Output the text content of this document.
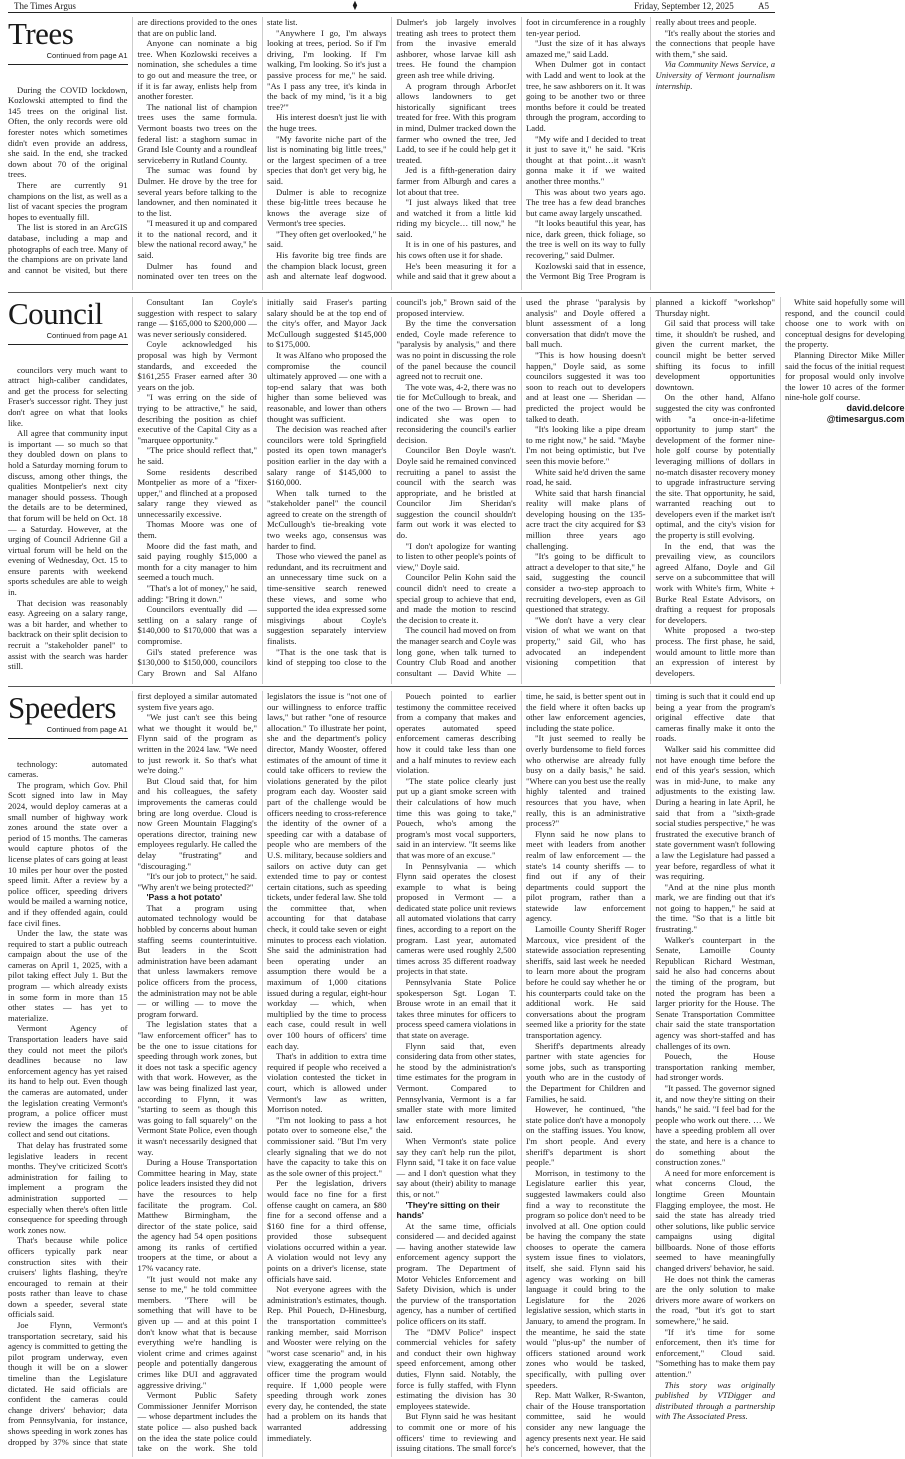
The Times Argus	⧫	Friday, September 12, 2025	A5

Trees

Continued from page A1

During the COVID lockdown, Kozlowski attempted to find the 145 trees on the original list. Often, the only records were old forester notes which sometimes didn't even provide an address, she said. In the end, she tracked down about 70 of the original trees.

There are currently 91 champions on the list, as well as a list of vacant species the program hopes to eventually fill.

The list is stored in an ArcGIS database, including a map and photographs of each tree. Many of the champions are on private land and cannot be visited, but there are directions provided to the ones that are on public land.

Anyone can nominate a big tree. When Kozlowski receives a nomination, she schedules a time to go out and measure the tree, or if it is far away, enlists help from another forester.

The national list of champion trees uses the same formula. Vermont boasts two trees on the federal list: a staghorn sumac in Grand Isle County and a roundleaf serviceberry in Rutland County.

The sumac was found by Dulmer. He drove by the tree for several years before talking to the landowner, and then nominated it to the list.

"I measured it up and compared it to the national record, and it blew the national record away," he said.

Dulmer has found and nominated over ten trees on the state list.

"Anywhere I go, I'm always looking at trees, period. So if I'm driving, I'm looking. If I'm walking, I'm looking. So it's just a passive process for me," he said. "As I pass any tree, it's kinda in the back of my mind, 'is it a big tree?'"

His interest doesn't just lie with the huge trees.

"My favorite niche part of the list is nominating big little trees," or the largest specimen of a tree species that don't get very big, he said.

Dulmer is able to recognize these big-little trees because he knows the average size of Vermont's tree species.

"They often get overlooked," he said.

His favorite big tree finds are the champion black locust, green ash and alternate leaf dogwood. Dulmer's job largely involves treating ash trees to protect them from the invasive emerald ashborer, whose larvae kill ash trees. He found the champion green ash tree while driving.

A program through ArborJet allows landowners to get historically significant trees treated for free. With this program in mind, Dulmer tracked down the farmer who owned the tree, Jed Ladd, to see if he could help get it treated.

Jed is a fifth-generation dairy farmer from Alburgh and cares a lot about that tree.

"I just always liked that tree and watched it from a little kid riding my bicycle… till now," he said.

It is in one of his pastures, and his cows often use it for shade.

He's been measuring it for a while and said that it grew about a foot in circumference in a roughly ten-year period.

"Just the size of it has always amazed me," said Ladd.

When Dulmer got in contact with Ladd and went to look at the tree, he saw ashborers on it. It was going to be another two or three months before it could be treated through the program, according to Ladd.

"My wife and I decided to treat it just to save it," he said. "Kris thought at that point…it wasn't gonna make it if we waited another three months."

This was about two years ago. The tree has a few dead branches but came away largely unscathed.

"It looks beautiful this year, has nice, dark green, thick foliage, so the tree is well on its way to fully recovering," said Dulmer.

Kozlowski said that in essence, the Vermont Big Tree Program is really about trees and people.

"It's really about the stories and the connections that people have with them," she said.

Via Community News Service, a University of Vermont journalism internship.

Council

Continued from page A1

councilors very much want to attract high-caliber candidates, and get the process for selecting Fraser's successor right. They just don't agree on what that looks like.

All agree that community input is important — so much so that they doubled down on plans to hold a Saturday morning forum to discuss, among other things, the qualities Montpelier's next city manager should possess. Though the details are to be determined, that forum will be held on Oct. 18 — a Saturday. However, at the urging of Council Adrienne Gil a virtual forum will be held on the evening of Wednesday, Oct. 15 to ensure parents with weekend sports schedules are able to weigh in.

That decision was reasonably easy. Agreeing on a salary range, was a bit harder, and whether to backtrack on their split decision to recruit a "stakeholder panel" to assist with the search was harder still.

Consultant Ian Coyle's suggestion with respect to salary range — $165,000 to $200,000 — was never seriously considered.

Coyle acknowledged his proposal was high by Vermont standards, and exceeded the $161,255 Fraser earned after 30 years on the job.

"I was erring on the side of trying to be attractive," he said, describing the position as chief executive of the Capital City as a "marquee opportunity."

"The price should reflect that," he said.

Some residents described Montpelier as more of a "fixer-upper," and flinched at a proposed salary range they viewed as unnecessarily excessive.

Thomas Moore was one of them.

Moore did the fast math, and said paying roughly $15,000 a month for a city manager to him seemed a touch much.

"That's a lot of money," he said, adding: "Bring it down."

Councilors eventually did — settling on a salary range of $140,000 to $170,000 that was a compromise.

Gil's stated preference was $130,000 to $150,000, councilors Cary Brown and Sal Alfano initially said Fraser's parting salary should be at the top end of the city's offer, and Mayor Jack McCullough suggested $145,000 to $175,000.

It was Alfano who proposed the compromise the council ultimately approved — one with a top-end salary that was both higher than some believed was reasonable, and lower than others thought was sufficient.

The decision was reached after councilors were told Springfield posted its open town manager's position earlier in the day with a salary range of $145,000 to $160,000.

When talk turned to the "stakeholder panel" the council agreed to create on the strength of McCullough's tie-breaking vote two weeks ago, consensus was harder to find.

Those who viewed the panel as redundant, and its recruitment and an unnecessary time suck on a time-sensitive search renewed these views, and some who supported the idea expressed some misgivings about Coyle's suggestion separately interview finalists.

"That is the one task that is kind of stepping too close to the council's job," Brown said of the proposed interview.

By the time the conversation ended, Coyle made reference to "paralysis by analysis," and there was no point in discussing the role of the panel because the council agreed not to recruit one.

The vote was, 4-2, there was no tie for McCullough to break, and one of the two — Brown — had indicated she was open to reconsidering the council's earlier decision.

Councilor Ben Doyle wasn't. Doyle said he remained convinced recruiting a panel to assist the council with the search was appropriate, and he bristled at Councilor Jim Sheridan's suggestion the council shouldn't farm out work it was elected to do.

"I don't apologize for wanting to listen to other people's points of view," Doyle said.

Councilor Pelin Kohn said the council didn't need to create a special group to achieve that end, and made the motion to rescind the decision to create it.

The council had moved on from the manager search and Coyle was long gone, when talk turned to Country Club Road and another consultant — David White — used the phrase "paralysis by analysis" and Doyle offered a blunt assessment of a long conversation that didn't move the ball much.

"This is how housing doesn't happen," Doyle said, as some councilors suggested it was too soon to reach out to developers and at least one — Sheridan — predicted the project would be talked to death.

"It's looking like a pipe dream to me right now," he said. "Maybe I'm not being optimistic, but I've seen this movie before."

White said he'd driven the same road, he said.

White said that harsh financial reality will make plans of developing housing on the 135-acre tract the city acquired for $3 million three years ago challenging.

"It's going to be difficult to attract a developer to that site," he said, suggesting the council consider a two-step approach to recruiting developers, even as Gil questioned that strategy.

"We don't have a very clear vision of what we want on that property," said Gil, who has advocated an independent visioning competition that planned a kickoff "workshop" Thursday night.

Gil said that process will take time, it shouldn't be rushed, and given the current market, the council might be better served shifting its focus to infill development opportunities downtown.

On the other hand, Alfano suggested the city was confronted with "a once-in-a-lifetime opportunity to jump start" the development of the former nine-hole golf course by potentially leveraging millions of dollars in no-match disaster recovery money to upgrade infrastructure serving the site. That opportunity, he said, warranted reaching out to developers even if the market isn't optimal, and the city's vision for the property is still evolving.

In the end, that was the prevailing view, as councilors agreed Alfano, Doyle and Gil serve on a subcommittee that will work with White's firm, White + Burke Real Estate Advisors, on drafting a request for proposals for developers.

White proposed a two-step process. The first phase, he said, would amount to little more than an expression of interest by developers.

White said hopefully some will respond, and the council could choose one to work with on conceptual designs for developing the property.

Planning Director Mike Miller said the focus of the initial request for proposal would only involve the lower 10 acres of the former nine-hole golf course.

david.delcore

@timesargus.com

Speeders

Continued from page A1

technology: automated cameras.

The program, which Gov. Phil Scott signed into law in May 2024, would deploy cameras at a small number of highway work zones around the state over a period of 15 months. The cameras would capture photos of the license plates of cars going at least 10 miles per hour over the posted speed limit. After a review by a police officer, speeding drivers would be mailed a warning notice, and if they offended again, could face civil fines.

Under the law, the state was required to start a public outreach campaign about the use of the cameras on April 1, 2025, with a pilot taking effect July 1. But the program — which already exists in some form in more than 15 other states — has yet to materialize.

Vermont Agency of Transportation leaders have said they could not meet the pilot's deadlines because no law enforcement agency has yet raised its hand to help out. Even though the cameras are automated, under the legislation creating Vermont's program, a police officer must review the images the cameras collect and send out citations.

That delay has frustrated some legislative leaders in recent months. They've criticized Scott's administration for failing to implement a program the administration supported — especially when there's often little consequence for speeding through work zones now.

That's because while police officers typically park near construction sites with their cruisers' lights flashing, they're encouraged to remain at their posts rather than leave to chase down a speeder, several state officials said.

Joe Flynn, Vermont's transportation secretary, said his agency is committed to getting the pilot program underway, even though it will be on a slower timeline than the Legislature dictated. He said officials are confident the cameras could change drivers' behavior; data from Pennsylvania, for instance, shows speeding in work zones has dropped by 37% since that state first deployed a similar automated system five years ago.

"We just can't see this being what we thought it would be," Flynn said of the program as written in the 2024 law. "We need to just rework it. So that's what we're doing."

But Cloud said that, for him and his colleagues, the safety improvements the cameras could bring are long overdue. Cloud is now Green Mountain Flagging's operations director, training new employees regularly. He called the delay "frustrating" and "discouraging."

"It's our job to protect," he said. "Why aren't we being protected?"

'Pass a hot potato'

That a program using automated technology would be hobbled by concerns about human staffing seems counterintuitive. But leaders in the Scott administration have been adamant that unless lawmakers remove police officers from the process, the administration may not be able — or willing — to move the program forward.

The legislation states that a "law enforcement officer" has to be the one to issue citations for speeding through work zones, but it does not task a specific agency with that work. However, as the law was being finalized last year, according to Flynn, it was "starting to seem as though this was going to fall squarely" on the Vermont State Police, even though it wasn't necessarily designed that way.

During a House Transportation Committee hearing in May, state police leaders insisted they did not have the resources to help facilitate the program. Col. Matthew Birmingham, the director of the state police, said the agency had 54 open positions among its ranks of certified troopers at the time, or about a 17% vacancy rate.

"It just would not make any sense to me," he told committee members. "There will be something that will have to be given up — and at this point I don't know what that is because everything we're handling is violent crime and crimes against people and potentially dangerous crimes like DUI and aggravated aggressive driving."

Vermont Public Safety Commissioner Jennifer Morrison — whose department includes the state police — also pushed back on the idea the state police could take on the work. She told legislators the issue is "not one of our willingness to enforce traffic laws," but rather "one of resource allocation." To illustrate her point, she and the department's policy director, Mandy Wooster, offered estimates of the amount of time it could take officers to review the violations generated by the pilot program each day. Wooster said part of the challenge would be officers needing to cross-reference the identity of the owner of a speeding car with a database of people who are members of the U.S. military, because soldiers and sailors on active duty can get extended time to pay or contest certain citations, such as speeding tickets, under federal law. She told the committee that, when accounting for that database check, it could take seven or eight minutes to process each violation. She said the administration had been operating under an assumption there would be a maximum of 1,000 citations issued during a regular, eight-hour workday — which, when multiplied by the time to process each case, could result in well over 100 hours of officers' time each day.

That's in addition to extra time required if people who received a violation contested the ticket in court, which is allowed under Vermont's law as written, Morrison noted.

"I'm not looking to pass a hot potato over to someone else," the commissioner said. "But I'm very clearly signaling that we do not have the capacity to take this on as the sole owner of this project."

Per the legislation, drivers would face no fine for a first offense caught on camera, an $80 fine for a second offense and a $160 fine for a third offense, provided those subsequent violations occurred within a year. A violation would not levy any points on a driver's license, state officials have said.

Not everyone agrees with the administration's estimates, though. Rep. Phil Pouech, D-Hinesburg, the transportation committee's ranking member, said Morrison and Wooster were relying on the "worst case scenario" and, in his view, exaggerating the amount of officer time the program would require. If 1,000 people were speeding through work zones every day, he contended, the state had a problem on its hands that warranted addressing immediately.

Pouech pointed to earlier testimony the committee received from a company that makes and operates automated speed enforcement cameras describing how it could take less than one and a half minutes to review each violation.

"The state police clearly just put up a giant smoke screen with their calculations of how much time this was going to take," Pouech, who's among the program's most vocal supporters, said in an interview. "It seems like that was more of an excuse."

In Pennsylvania — which Flynn said operates the closest example to what is being proposed in Vermont — a dedicated state police unit reviews all automated violations that carry fines, according to a report on the program. Last year, automated cameras were used roughly 2,500 times across 35 different roadway projects in that state.

Pennsylvania State Police spokesperson Sgt. Logan T. Brouse wrote in an email that it takes three minutes for officers to process speed camera violations in that state on average.

Flynn said that, even considering data from other states, he stood by the administration's time estimates for the program in Vermont. Compared to Pennsylvania, Vermont is a far smaller state with more limited law enforcement resources, he said.

When Vermont's state police say they can't help run the pilot, Flynn said, "I take it on face value — and I don't question what they say about (their) ability to manage this, or not."

'They're sitting on their hands'

At the same time, officials considered — and decided against — having another statewide law enforcement agency support the program. The Department of Motor Vehicles Enforcement and Safety Division, which is under the purview of the transportation agency, has a number of certified police officers on its staff.

The "DMV Police" inspect commercial vehicles for safety and conduct their own highway speed enforcement, among other duties, Flynn said. Notably, the force is fully staffed, with Flynn estimating the division has 30 employees statewide.

But Flynn said he was hesitant to commit one or more of his officers' time to reviewing and issuing citations. The small force's time, he said, is better spent out in the field where it often backs up other law enforcement agencies, including the state police.

"It just seemed to really be overly burdensome to field forces who otherwise are already fully busy on a daily basis," he said. "Where can you best use the really highly talented and trained resources that you have, when really, this is an administrative process?"

Flynn said he now plans to meet with leaders from another realm of law enforcement — the state's 14 county sheriffs — to find out if any of their departments could support the pilot program, rather than a statewide law enforcement agency.

Lamoille County Sheriff Roger Marcoux, vice president of the statewide association representing sheriffs, said last week he needed to learn more about the program before he could say whether he or his counterparts could take on the additional work. He said conversations about the program seemed like a priority for the state transportation agency.

Sheriff's departments already partner with state agencies for some jobs, such as transporting youth who are in the custody of the Department for Children and Families, he said.

However, he continued, "the state police don't have a monopoly on the staffing issues. You know, I'm short people. And every sheriff's department is short people."

Morrison, in testimony to the Legislature earlier this year, suggested lawmakers could also find a way to reconstitute the program so police don't need to be involved at all. One option could be having the company the state chooses to operate the camera system issue fines to violators, itself, she said. Flynn said his agency was working on bill language it could bring to the Legislature for the 2026 legislative session, which starts in January, to amend the program. In the meantime, he said the state would "plus-up" the number of officers stationed around work zones who would be tasked, specifically, with pulling over speeders.

Rep. Matt Walker, R-Swanton, chair of the House transportation committee, said he would consider any new language the agency presents next year. He said he's concerned, however, that the timing is such that it could end up being a year from the program's original effective date that cameras finally make it onto the roads.

Walker said his committee did not have enough time before the end of this year's session, which was in mid-June, to make any adjustments to the existing law. During a hearing in late April, he said that from a "sixth-grade social studies perspective," he was frustrated the executive branch of state government wasn't following a law the Legislature had passed a year before, regardless of what it was requiring.

"And at the nine plus month mark, we are finding out that it's not going to happen," he said at the time. "So that is a little bit frustrating."

Walker's counterpart in the Senate, Lamoille County Republican Richard Westman, said he also had concerns about the timing of the program, but noted the program has been a larger priority for the House. The Senate Transportation Committee chair said the state transportation agency was short-staffed and has challenges of its own.

Pouech, the House transportation ranking member, had stronger words.

"It passed. The governor signed it, and now they're sitting on their hands," he said. "I feel bad for the people who work out there. … We have a speeding problem all over the state, and here is a chance to do something about the construction zones."

A need for more enforcement is what concerns Cloud, the longtime Green Mountain Flagging employee, the most. He said the state has already tried other solutions, like public service campaigns using digital billboards. None of those efforts seemed to have meaningfully changed drivers' behavior, he said.

He does not think the cameras are the only solution to make drivers more aware of workers on the road, "but it's got to start somewhere," he said.

"If it's time for some enforcement, then it's time for enforcement," Cloud said. "Something has to make them pay attention."

This story was originally published by VTDigger and distributed through a partnership with The Associated Press.
